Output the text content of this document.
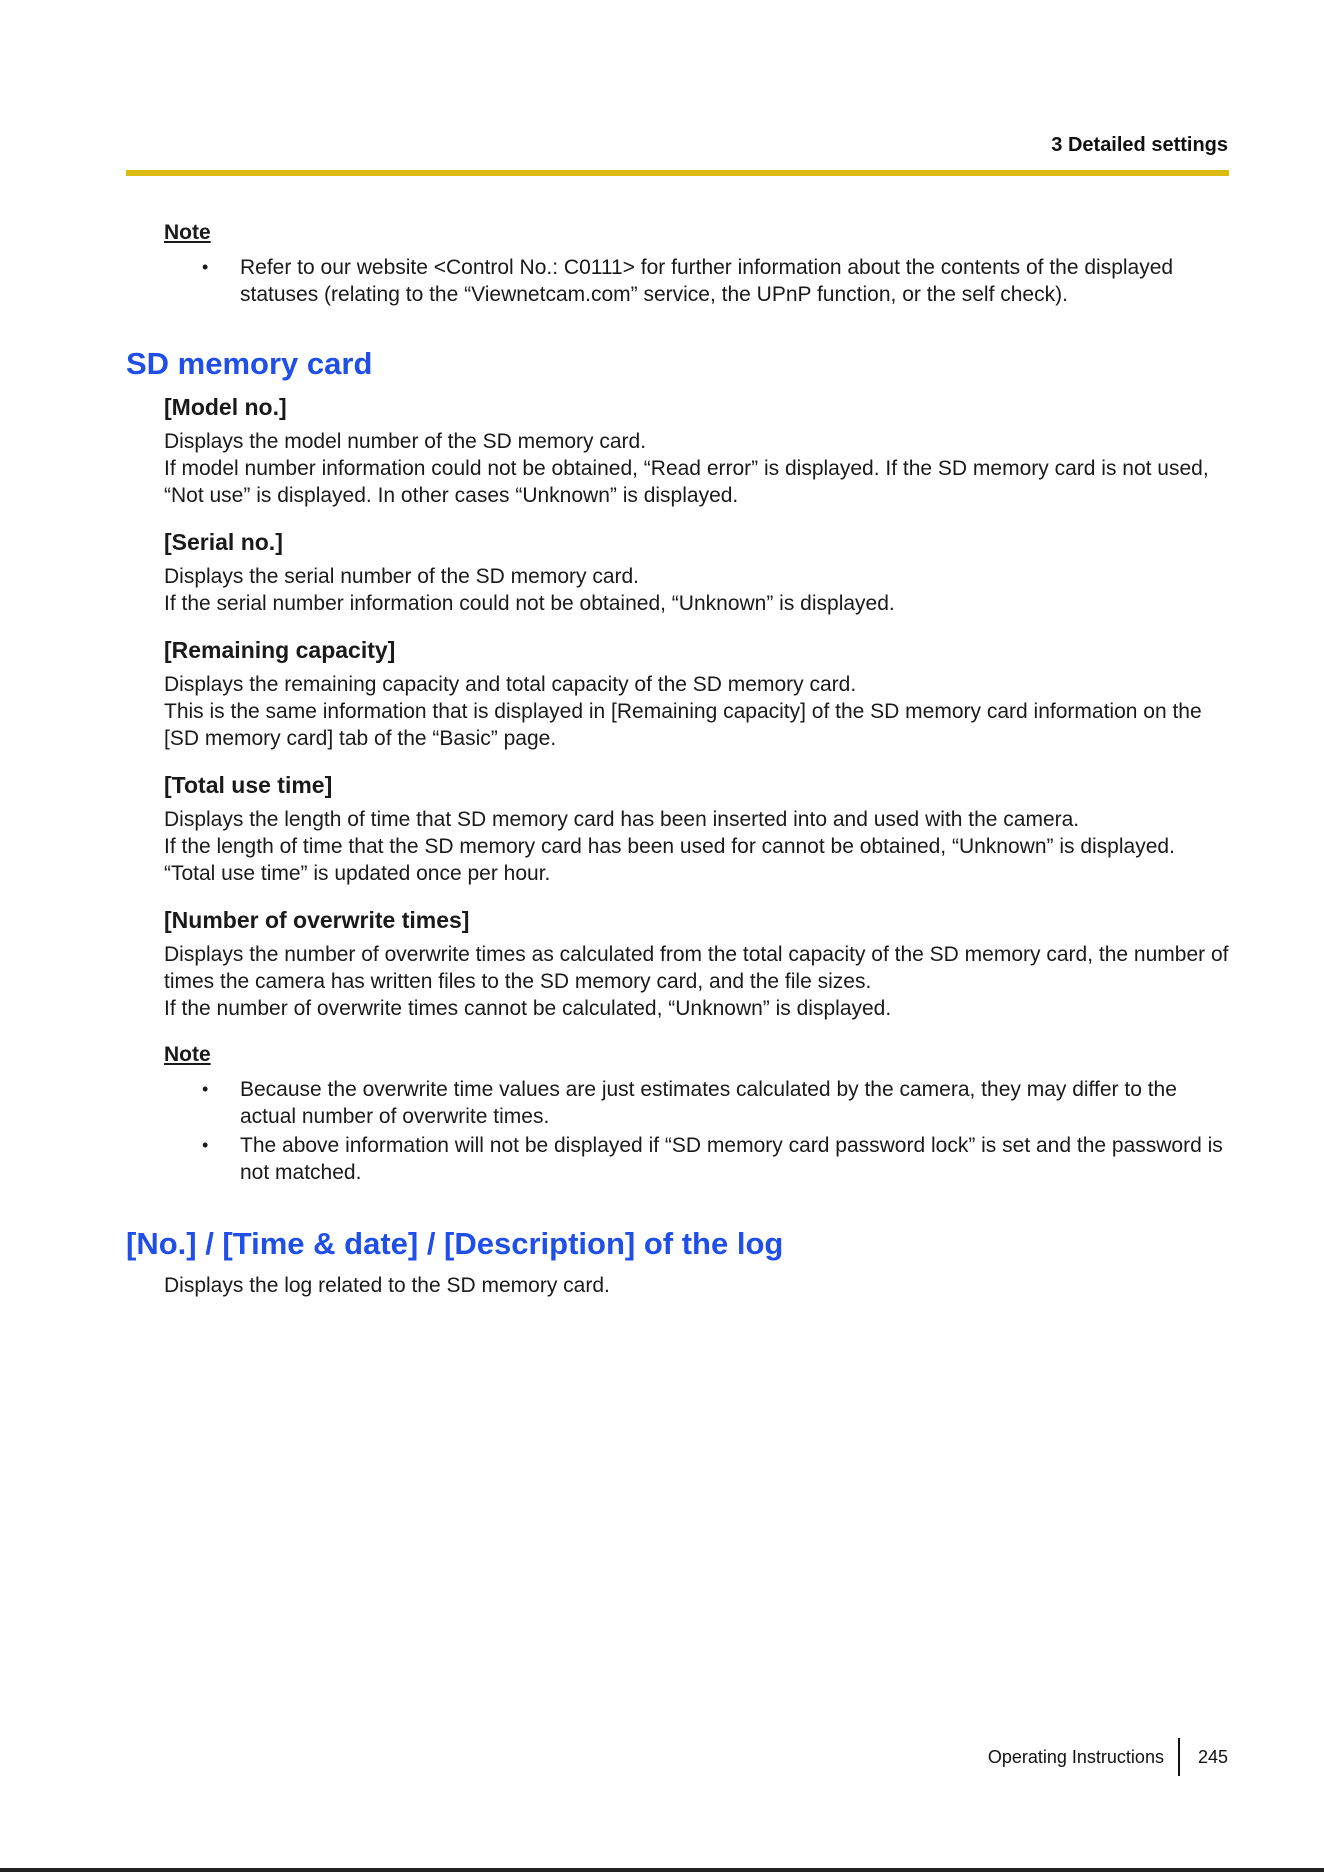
3 Detailed settings
Note
• Refer to our website <Control No.: C0111> for further information about the contents of the displayed statuses (relating to the “Viewnetcam.com” service, the UPnP function, or the self check).
SD memory card
[Model no.]

Displays the model number of the SD memory card.

If model number information could not be obtained, “Read error” is displayed. If the SD memory card is not used, “Not use” is displayed. In other cases “Unknown” is displayed.

[Serial no.]

Displays the serial number of the SD memory card.

If the serial number information could not be obtained, “Unknown” is displayed.

[Remaining capacity]

Displays the remaining capacity and total capacity of the SD memory card.

This is the same information that is displayed in [Remaining capacity] of the SD memory card information on the [SD memory card] tab of the “Basic” page.

[Total use time]

Displays the length of time that SD memory card has been inserted into and used with the camera.

If the length of time that the SD memory card has been used for cannot be obtained, “Unknown” is displayed.

“Total use time” is updated once per hour.

[Number of overwrite times]

Displays the number of overwrite times as calculated from the total capacity of the SD memory card, the number of times the camera has written files to the SD memory card, and the file sizes.

If the number of overwrite times cannot be calculated, “Unknown” is displayed.

Note
• Because the overwrite time values are just estimates calculated by the camera, they may differ to the actual number of overwrite times.
• The above information will not be displayed if “SD memory card password lock” is set and the password is not matched.
[No.] / [Time & date] / [Description] of the log

Displays the log related to the SD memory card.

Operating Instructions 245
